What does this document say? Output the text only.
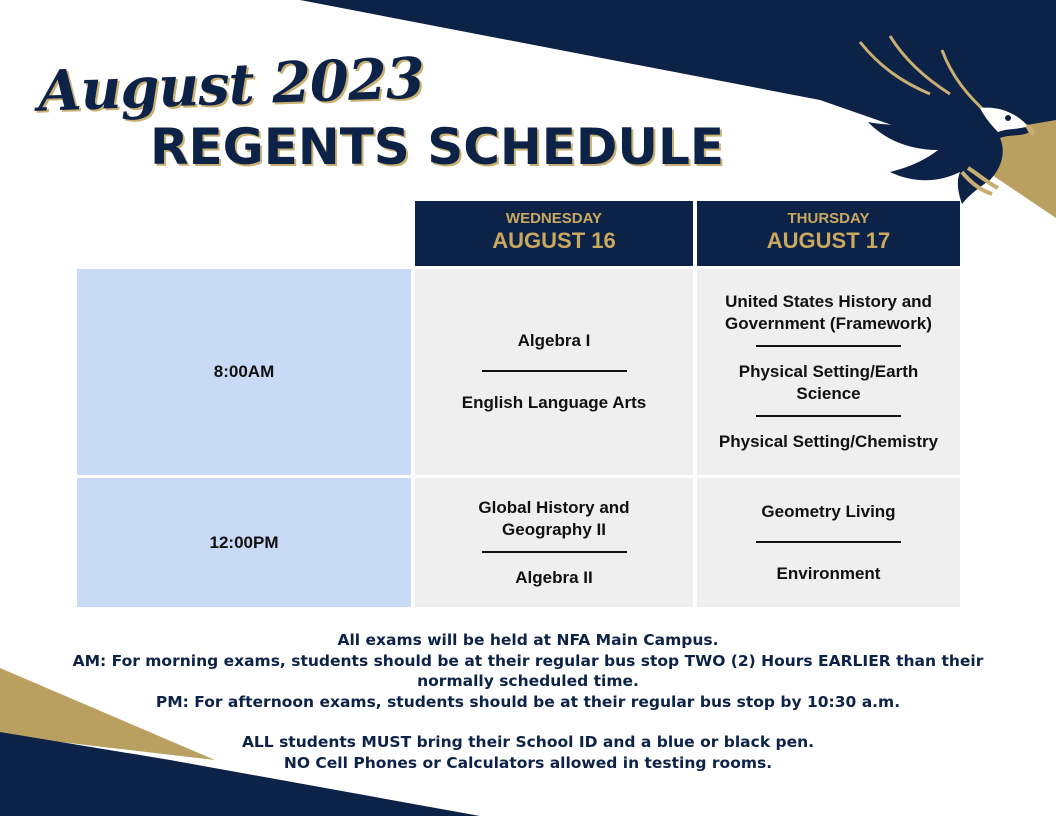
August 2023
REGENTS SCHEDULE
WEDNESDAY
AUGUST 16
THURSDAY
AUGUST 17
8:00AM
12:00PM
Algebra I
English Language Arts
United States History and Government (Framework)
Physical Setting/Earth Science
Physical Setting/Chemistry
Global History and Geography II
Algebra II
Geometry Living
Environment
All exams will be held at NFA Main Campus.
AM: For morning exams, students should be at their regular bus stop TWO (2) Hours EARLIER than their normally scheduled time.
PM: For afternoon exams, students should be at their regular bus stop by 10:30 a.m.
ALL students MUST bring their School ID and a blue or black pen.
NO Cell Phones or Calculators allowed in testing rooms.
